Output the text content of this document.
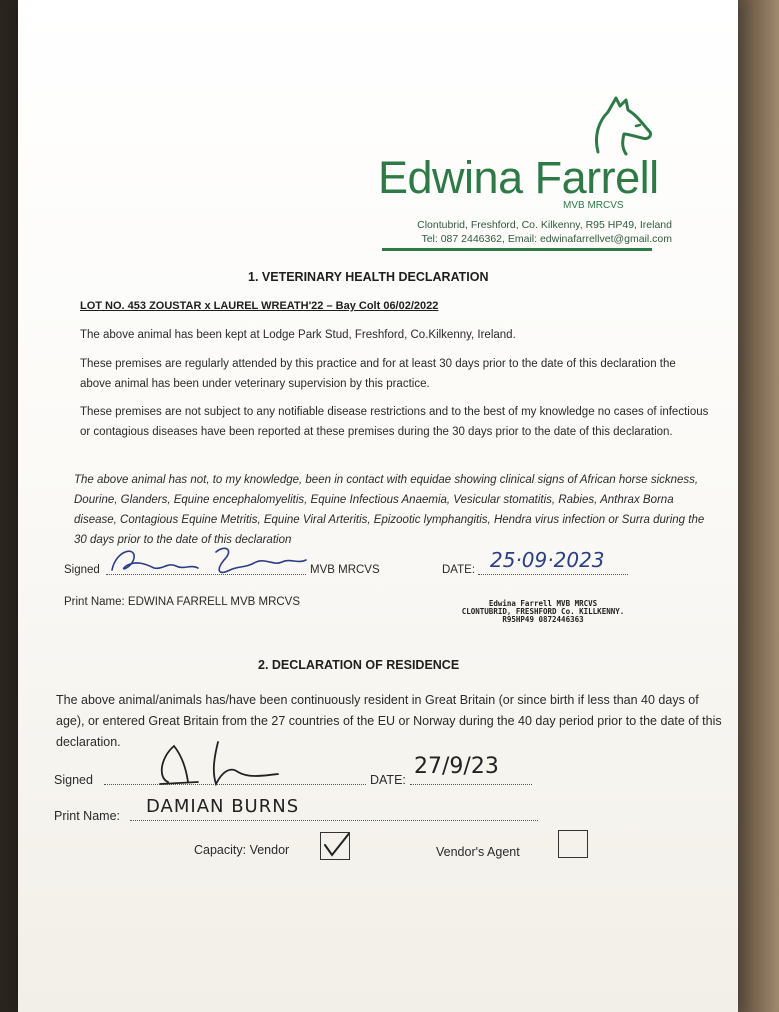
Edwina Farrell
MVB MRCVS
Clontubrid, Freshford, Co. Kilkenny, R95 HP49, Ireland
Tel: 087 2446362, Email: edwinafarrellvet@gmail.com
1. VETERINARY HEALTH DECLARATION
LOT NO. 453 ZOUSTAR x LAUREL WREATH'22 – Bay Colt 06/02/2022
The above animal has been kept at Lodge Park Stud, Freshford, Co.Kilkenny, Ireland.
These premises are regularly attended by this practice and for at least 30 days prior to the date of this declaration the above animal has been under veterinary supervision by this practice.
These premises are not subject to any notifiable disease restrictions and to the best of my knowledge no cases of infectious or contagious diseases have been reported at these premises during the 30 days prior to the date of this declaration.
The above animal has not, to my knowledge, been in contact with equidae showing clinical signs of African horse sickness, Dourine, Glanders, Equine encephalomyelitis, Equine Infectious Anaemia, Vesicular stomatitis, Rabies, Anthrax Borna disease, Contagious Equine Metritis, Equine Viral Arteritis, Epizootic lymphangitis, Hendra virus infection or Surra during the 30 days prior to the date of this declaration
Signed	MVB MRCVS	DATE: 25·09·2023
Print Name: EDWINA FARRELL MVB MRCVS	Edwina Farrell MVB MRCVS
CLONTUBRID, FRESHFORD Co. KILLKENNY.
R95HP49 0872446363
2. DECLARATION OF RESIDENCE
The above animal/animals has/have been continuously resident in Great Britain (or since birth if less than 40 days of age), or entered Great Britain from the 27 countries of the EU or Norway during the 40 day period prior to the date of this declaration.
Signed	DATE:
27/9/23
Print Name: DAMIAN BURNS
Capacity: Vendor	Vendor's Agent
